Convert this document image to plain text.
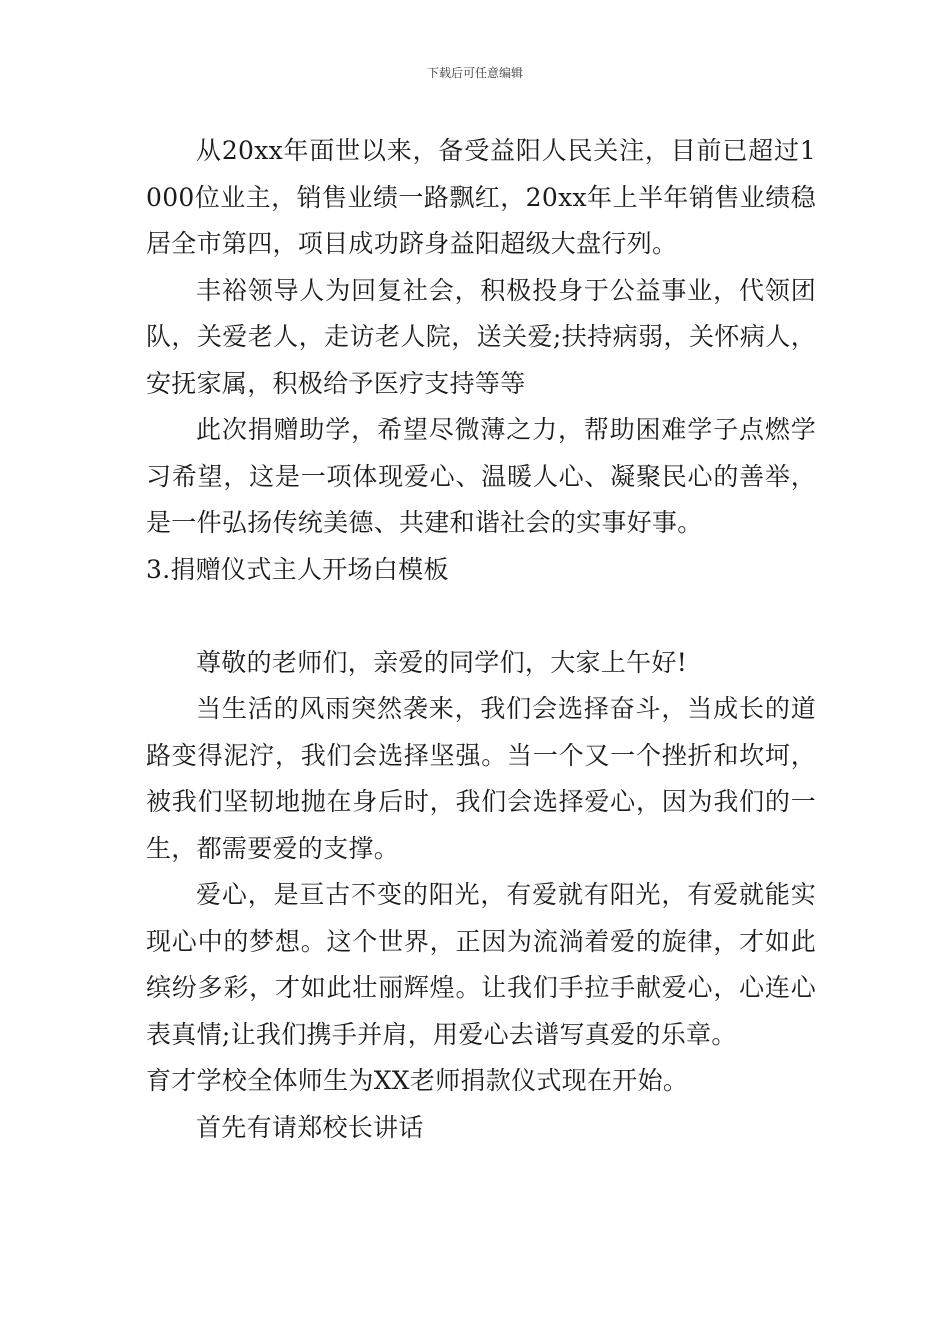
下载后可任意编辑

从20xx年面世以来，备受益阳人民关注，目前已超过1000位业主，销售业绩一路飘红，20xx年上半年销售业绩稳居全市第四，项目成功跻身益阳超级大盘行列。

丰裕领导人为回复社会，积极投身于公益事业，代领团队，关爱老人，走访老人院，送关爱;扶持病弱，关怀病人，安抚家属，积极给予医疗支持等等

此次捐赠助学，希望尽微薄之力，帮助困难学子点燃学习希望，这是一项体现爱心、温暖人心、凝聚民心的善举，是一件弘扬传统美德、共建和谐社会的实事好事。

3.捐赠仪式主人开场白模板

尊敬的老师们，亲爱的同学们，大家上午好!

当生活的风雨突然袭来，我们会选择奋斗，当成长的道路变得泥泞，我们会选择坚强。当一个又一个挫折和坎坷，被我们坚韧地抛在身后时，我们会选择爱心，因为我们的一生，都需要爱的支撑。

爱心，是亘古不变的阳光，有爱就有阳光，有爱就能实现心中的梦想。这个世界，正因为流淌着爱的旋律，才如此缤纷多彩，才如此壮丽辉煌。让我们手拉手献爱心，心连心表真情;让我们携手并肩，用爱心去谱写真爱的乐章。

育才学校全体师生为XX老师捐款仪式现在开始。

首先有请郑校长讲话
